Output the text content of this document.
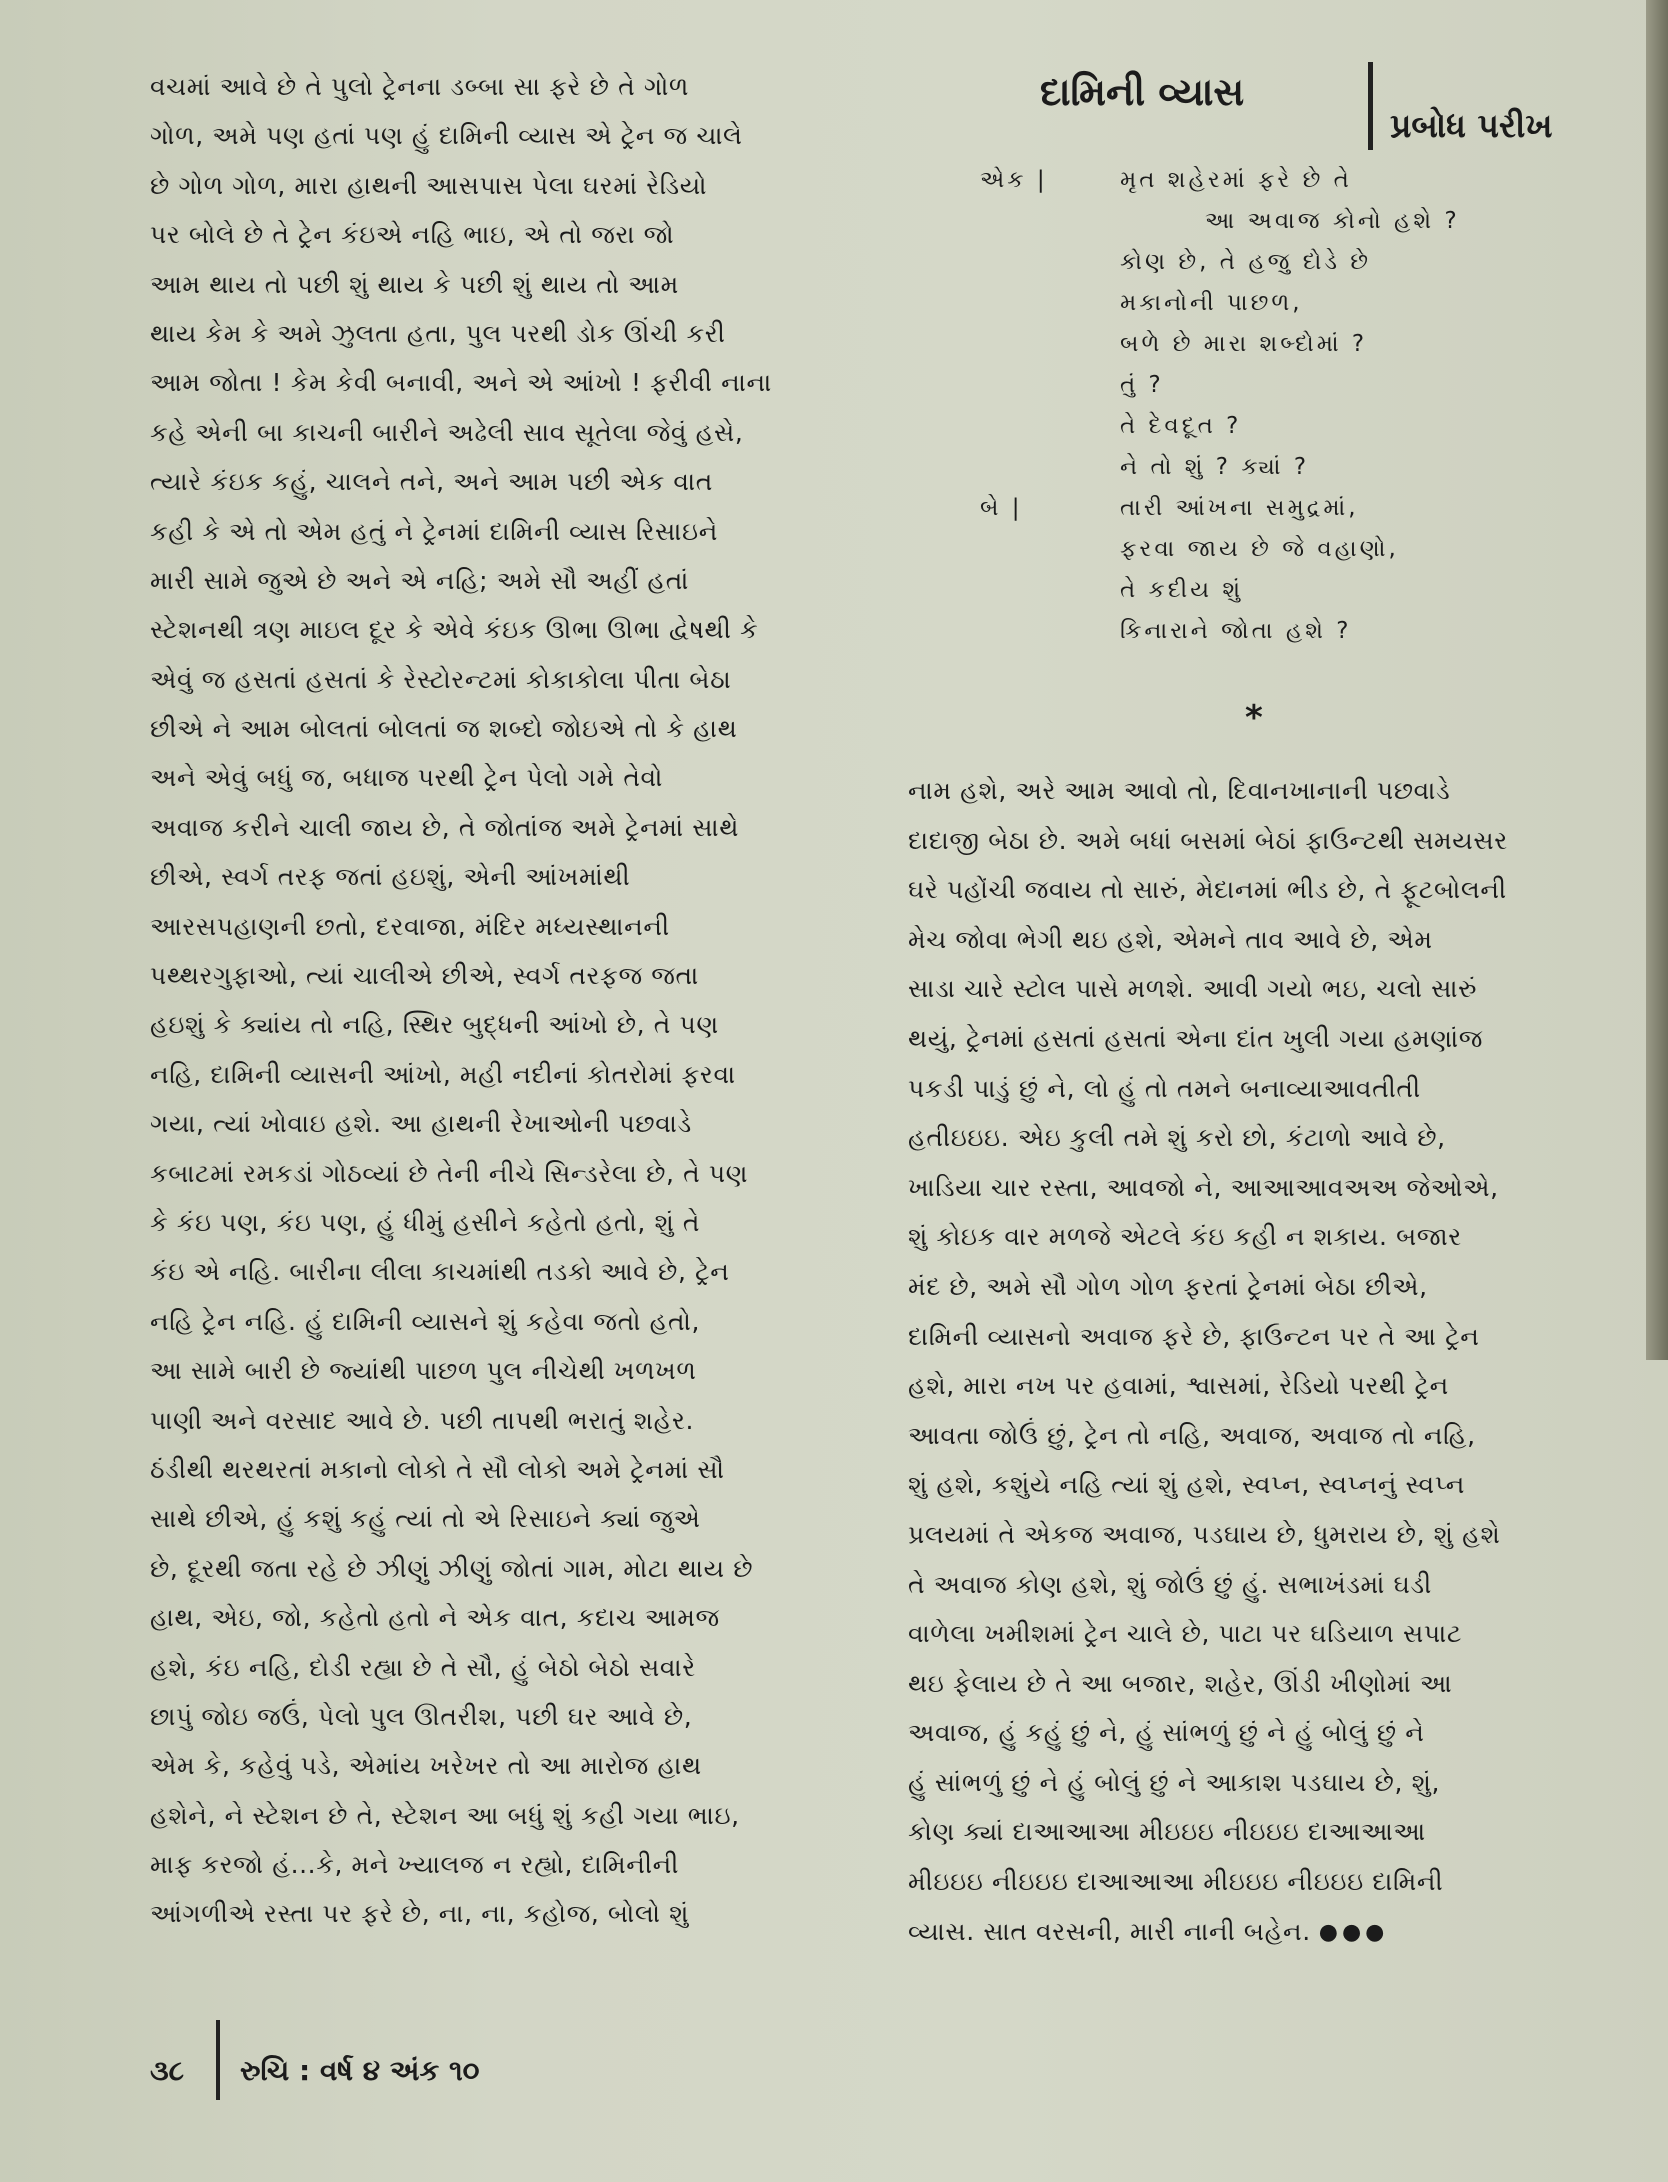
વચમાં આવે છે તે પુલો ટ્રેનના ડબ્બા સા ફરે છે તે ગોળ
ગોળ, અમે પણ હતાં પણ હું દામિની વ્યાસ એ ટ્રેન જ ચાલે
છે ગોળ ગોળ, મારા હાથની આસપાસ પેલા ઘરમાં રેડિયો
પર બોલે છે તે ટ્રેન કંઇએ નહિ ભાઇ, એ તો જરા જો
આમ થાય તો પછી શું થાય કે પછી શું થાય તો આમ
થાય કેમ કે અમે ઝુલતા હતા, પુલ પરથી ડોક ઊંચી કરી
આમ જોતા ! કેમ કેવી બનાવી, અને એ આંખો ! ફરીવી નાના
કહે એની બા કાચની બારીને અઢેલી સાવ સૂતેલા જેવું હસે,
ત્યારે કંઇક કહું, ચાલને તને, અને આમ પછી એક વાત
કહી કે એ તો એમ હતું ને ટ્રેનમાં દામિની વ્યાસ રિસાઇને
મારી સામે જુએ છે અને એ નહિ; અમે સૌ અહીં હતાં
સ્ટેશનથી ત્રણ માઇલ દૂર કે એવે કંઇક ઊભા ઊભા દ્વેષથી કે
એવું જ હસતાં હસતાં કે રેસ્ટોરન્ટમાં કોકાકોલા પીતા બેઠા
છીએ ને આમ બોલતાં બોલતાં જ શબ્દો જોઇએ તો કે હાથ
અને એવું બધું જ, બધાજ પરથી ટ્રેન પેલો ગમે તેવો
અવાજ કરીને ચાલી જાય છે, તે જોતાંજ અમે ટ્રેનમાં સાથે
છીએ, સ્વર્ગ તરફ જતાં હઇશું, એની આંખમાંથી
આરસપહાણની છતો, દરવાજા, મંદિર મધ્યસ્થાનની
પથ્થરગુફાઓ, ત્યાં ચાલીએ છીએ, સ્વર્ગ તરફજ જતા
હઇશું કે ક્યાંય તો નહિ, સ્થિર બુદ્ધની આંખો છે, તે પણ
નહિ, દામિની વ્યાસની આંખો, મહી નદીનાં કોતરોમાં ફરવા
ગયા, ત્યાં ખોવાઇ હશે. આ હાથની રેખાઓની પછવાડે
કબાટમાં રમકડાં ગોઠવ્યાં છે તેની નીચે સિન્ડરેલા છે, તે પણ
કે કંઇ પણ, કંઇ પણ, હું ધીમું હસીને કહેતો હતો, શું તે
કંઇ એ નહિ. બારીના લીલા કાચમાંથી તડકો આવે છે, ટ્રેન
નહિ ટ્રેન નહિ. હું દામિની વ્યાસને શું કહેવા જતો હતો,
આ સામે બારી છે જ્યાંથી પાછળ પુલ નીચેથી ખળખળ
પાણી અને વરસાદ આવે છે. પછી તાપથી ભરાતું શહેર.
ઠંડીથી થરથરતાં મકાનો લોકો તે સૌ લોકો અમે ટ્રેનમાં સૌ
સાથે છીએ, હું કશું કહું ત્યાં તો એ રિસાઇને ક્યાં જુએ
છે, દૂરથી જતા રહે છે ઝીણું ઝીણું જોતાં ગામ, મોટા થાય છે
હાથ, એઇ, જો, કહેતો હતો ને એક વાત, કદાચ આમજ
હશે, કંઇ નહિ, દોડી રહ્યા છે તે સૌ, હું બેઠો બેઠો સવારે
છાપું જોઇ જઉં, પેલો પુલ ઊતરીશ, પછી ઘર આવે છે,
એમ કે, કહેવું પડે, એમાંય ખરેખર તો આ મારોજ હાથ
હશેને, ને સ્ટેશન છે તે, સ્ટેશન આ બધું શું કહી ગયા ભાઇ,
માફ કરજો હં...કે, મને ખ્યાલજ ન રહ્યો, દામિનીની
આંગળીએ રસ્તા પર ફરે છે, ના, ના, કહોજ, બોલો શું
દામિની વ્યાસ
પ્રબોધ પરીખ
એક |	મૃત શહેરમાં ફરે છે તે
આ અવાજ કોનો હશે ?
કોણ છે, તે હજુ દોડે છે
મકાનોની પાછળ,
બળે છે મારા શબ્દોમાં ?
તું ?
તે દેવદૂત ?
ને તો શું ? ક્યાં ?
બે |	તારી આંખના સમુદ્રમાં,
ફરવા જાય છે જે વહાણો,
તે કદીય શું
કિનારાને જોતા હશે ?
*
નામ હશે, અરે આમ આવો તો, દિવાનખાનાની પછવાડે
દાદાજી બેઠા છે. અમે બધાં બસમાં બેઠાં ફાઉન્ટથી સમયસર
ઘરે પહોંચી જવાય તો સારું, મેદાનમાં ભીડ છે, તે ફૂટબોલની
મેચ જોવા ભેગી થઇ હશે, એમને તાવ આવે છે, એમ
સાડા ચારે સ્ટોલ પાસે મળશે. આવી ગયો ભઇ, ચલો સારું
થયું, ટ્રેનમાં હસતાં હસતાં એના દાંત ખુલી ગયા હમણાંજ
પકડી પાડું છું ને, લો હું તો તમને બનાવ્યાઆવતીતી
હતીઇઇઇ. એઇ કુલી તમે શું કરો છો, કંટાળો આવે છે,
ખાડિયા ચાર રસ્તા, આવજો ને, આઆઆવઅઅ જેઓએ,
શું કોઇક વાર મળજે એટલે કંઇ કહી ન શકાય. બજાર
મંદ છે, અમે સૌ ગોળ ગોળ ફરતાં ટ્રેનમાં બેઠા છીએ,
દામિની વ્યાસનો અવાજ ફરે છે, ફાઉન્ટન પર તે આ ટ્રેન
હશે, મારા નખ પર હવામાં, શ્વાસમાં, રેડિયો પરથી ટ્રેન
આવતા જોઉં છું, ટ્રેન તો નહિ, અવાજ, અવાજ તો નહિ,
શું હશે, કશુંયે નહિ ત્યાં શું હશે, સ્વપ્ન, સ્વપ્નનું સ્વપ્ન
પ્રલયમાં તે એકજ અવાજ, પડઘાય છે, ધુમરાય છે, શું હશે
તે અવાજ કોણ હશે, શું જોઉં છું હું. સભાખંડમાં ઘડી
વાળેલા ખમીશમાં ટ્રેન ચાલે છે, પાટા પર ઘડિયાળ સપાટ
થઇ ફેલાય છે તે આ બજાર, શહેર, ઊંડી ખીણોમાં આ
અવાજ, હું કહું છું ને, હું સાંભળું છું ને હું બોલું છું ને
હું સાંભળું છું ને હું બોલું છું ને આકાશ પડઘાય છે, શું,
કોણ ક્યાં દાઆઆઆ મીઇઇઇ નીઇઇઇ દાઆઆઆ
મીઇઇઇ નીઇઇઇ દાઆઆઆ મીઇઇઇ નીઇઇઇ દામિની
વ્યાસ. સાત વરસની, મારી નાની બહેન. ●●●
૩૮ રુચિ : વર્ષ ૪ અંક ૧૦
